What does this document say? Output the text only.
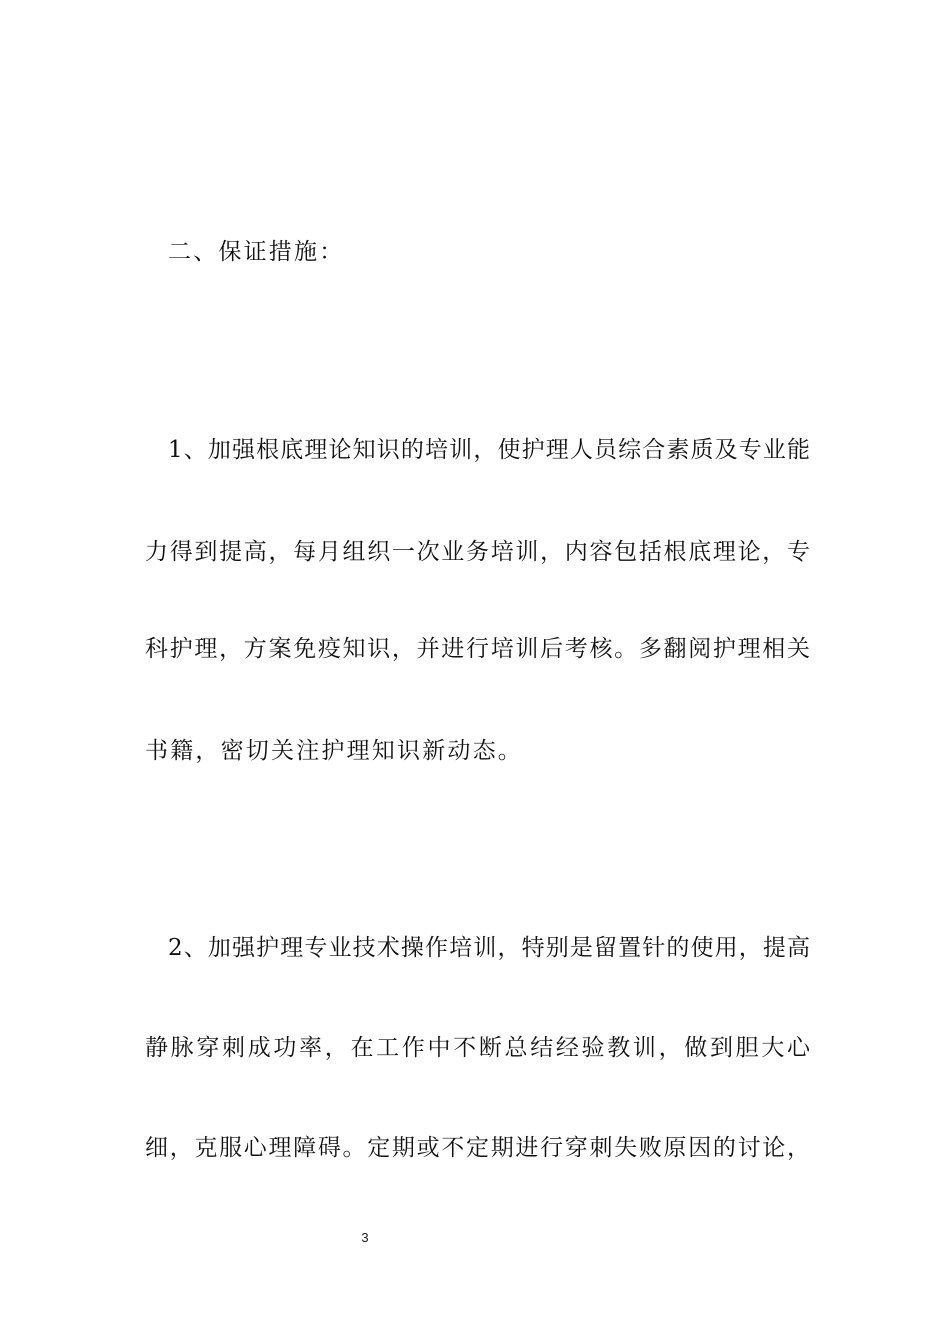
二、保证措施：
1、加强根底理论知识的培训，使护理人员综合素质及专业能
力得到提高，每月组织一次业务培训，内容包括根底理论，专
科护理，方案免疫知识，并进行培训后考核。多翻阅护理相关
书籍，密切关注护理知识新动态。
2、加强护理专业技术操作培训，特别是留置针的使用，提高
静脉穿刺成功率，在工作中不断总结经验教训，做到胆大心
细，克服心理障碍。定期或不定期进行穿刺失败原因的讨论，
3
